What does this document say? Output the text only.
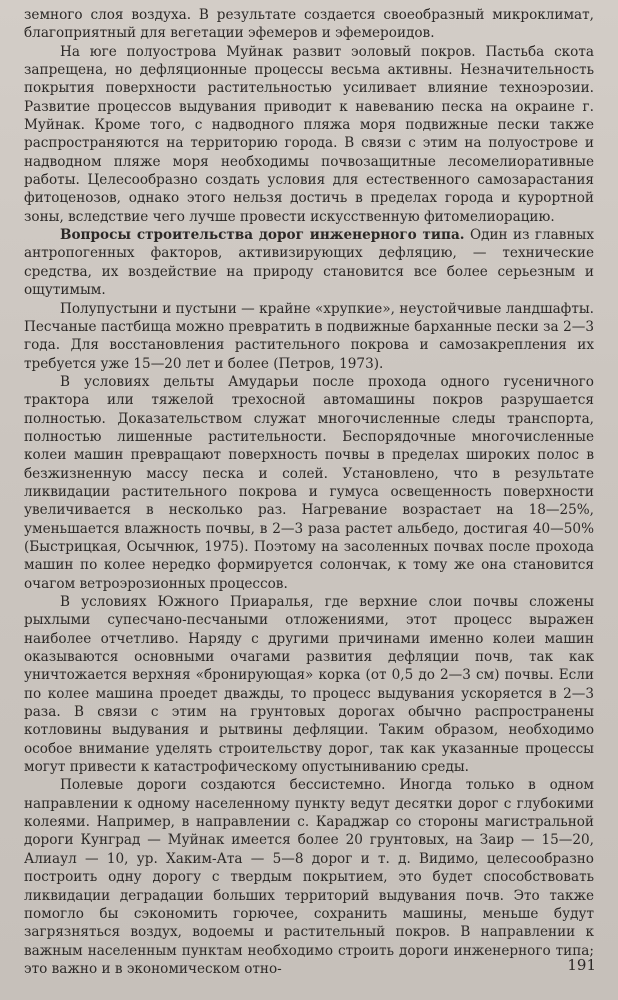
земного слоя воздуха. В результате создается своеобразный микроклимат, благоприятный для вегетации эфемеров и эфемероидов.

На юге полуострова Муйнак развит эоловый покров. Пастьба скота запрещена, но дефляционные процессы весьма активны. Незначительность покрытия поверхности растительностью усиливает влияние техноэрозии. Развитие процессов выдувания приводит к навеванию песка на окраине г. Муйнак. Кроме того, с надводного пляжа моря подвижные пески также распространяются на территорию города. В связи с этим на полуострове и надводном пляже моря необходимы почвозащитные лесомелиоративные работы. Целесообразно создать условия для естественного самозарастания фитоценозов, однако этого нельзя достичь в пределах города и курортной зоны, вследствие чего лучше провести искусственную фитомелиорацию.

Вопросы строительства дорог инженерного типа. Один из главных антропогенных факторов, активизирующих дефляцию, — технические средства, их воздействие на природу становится все более серьезным и ощутимым.

Полупустыни и пустыни — крайне «хрупкие», неустойчивые ландшафты. Песчаные пастбища можно превратить в подвижные барханные пески за 2—3 года. Для восстановления растительного покрова и самозакрепления их требуется уже 15—20 лет и более (Петров, 1973).

В условиях дельты Амударьи после прохода одного гусеничного трактора или тяжелой трехосной автомашины покров разрушается полностью. Доказательством служат многочисленные следы транспорта, полностью лишенные растительности. Беспорядочные многочисленные колеи машин превращают поверхность почвы в пределах широких полос в безжизненную массу песка и солей. Установлено, что в результате ликвидации растительного покрова и гумуса освещенность поверхности увеличивается в несколько раз. Нагревание возрастает на 18—25%, уменьшается влажность почвы, в 2—3 раза растет альбедо, достигая 40—50% (Быстрицкая, Осычнюк, 1975). Поэтому на засоленных почвах после прохода машин по колее нередко формируется солончак, к тому же она становится очагом ветроэрозионных процессов.

В условиях Южного Приаралья, где верхние слои почвы сложены рыхлыми супесчано-песчаными отложениями, этот процесс выражен наиболее отчетливо. Наряду с другими причинами именно колеи машин оказываются основными очагами развития дефляции почв, так как уничтожается верхняя «бронирующая» корка (от 0,5 до 2—3 см) почвы. Если по колее машина проедет дважды, то процесс выдувания ускоряется в 2—3 раза. В связи с этим на грунтовых дорогах обычно распространены котловины выдувания и рытвины дефляции. Таким образом, необходимо особое внимание уделять строительству дорог, так как указанные процессы могут привести к катастрофическому опустыниванию среды.

Полевые дороги создаются бессистемно. Иногда только в одном направлении к одному населенному пункту ведут десятки дорог с глубокими колеями. Например, в направлении с. Караджар со стороны магистральной дороги Кунград — Муйнак имеется более 20 грунтовых, на Заир — 15—20, Алиаул — 10, ур. Хаким-Ата — 5—8 дорог и т. д. Видимо, целесообразно построить одну дорогу с твердым покрытием, это будет способствовать ликвидации деградации больших территорий выдувания почв. Это также помогло бы сэкономить горючее, сохранить машины, меньше будут загрязняться воздух, водоемы и растительный покров. В направлении к важным населенным пунктам необходимо строить дороги инженерного типа; это важно и в экономическом отно-	191
